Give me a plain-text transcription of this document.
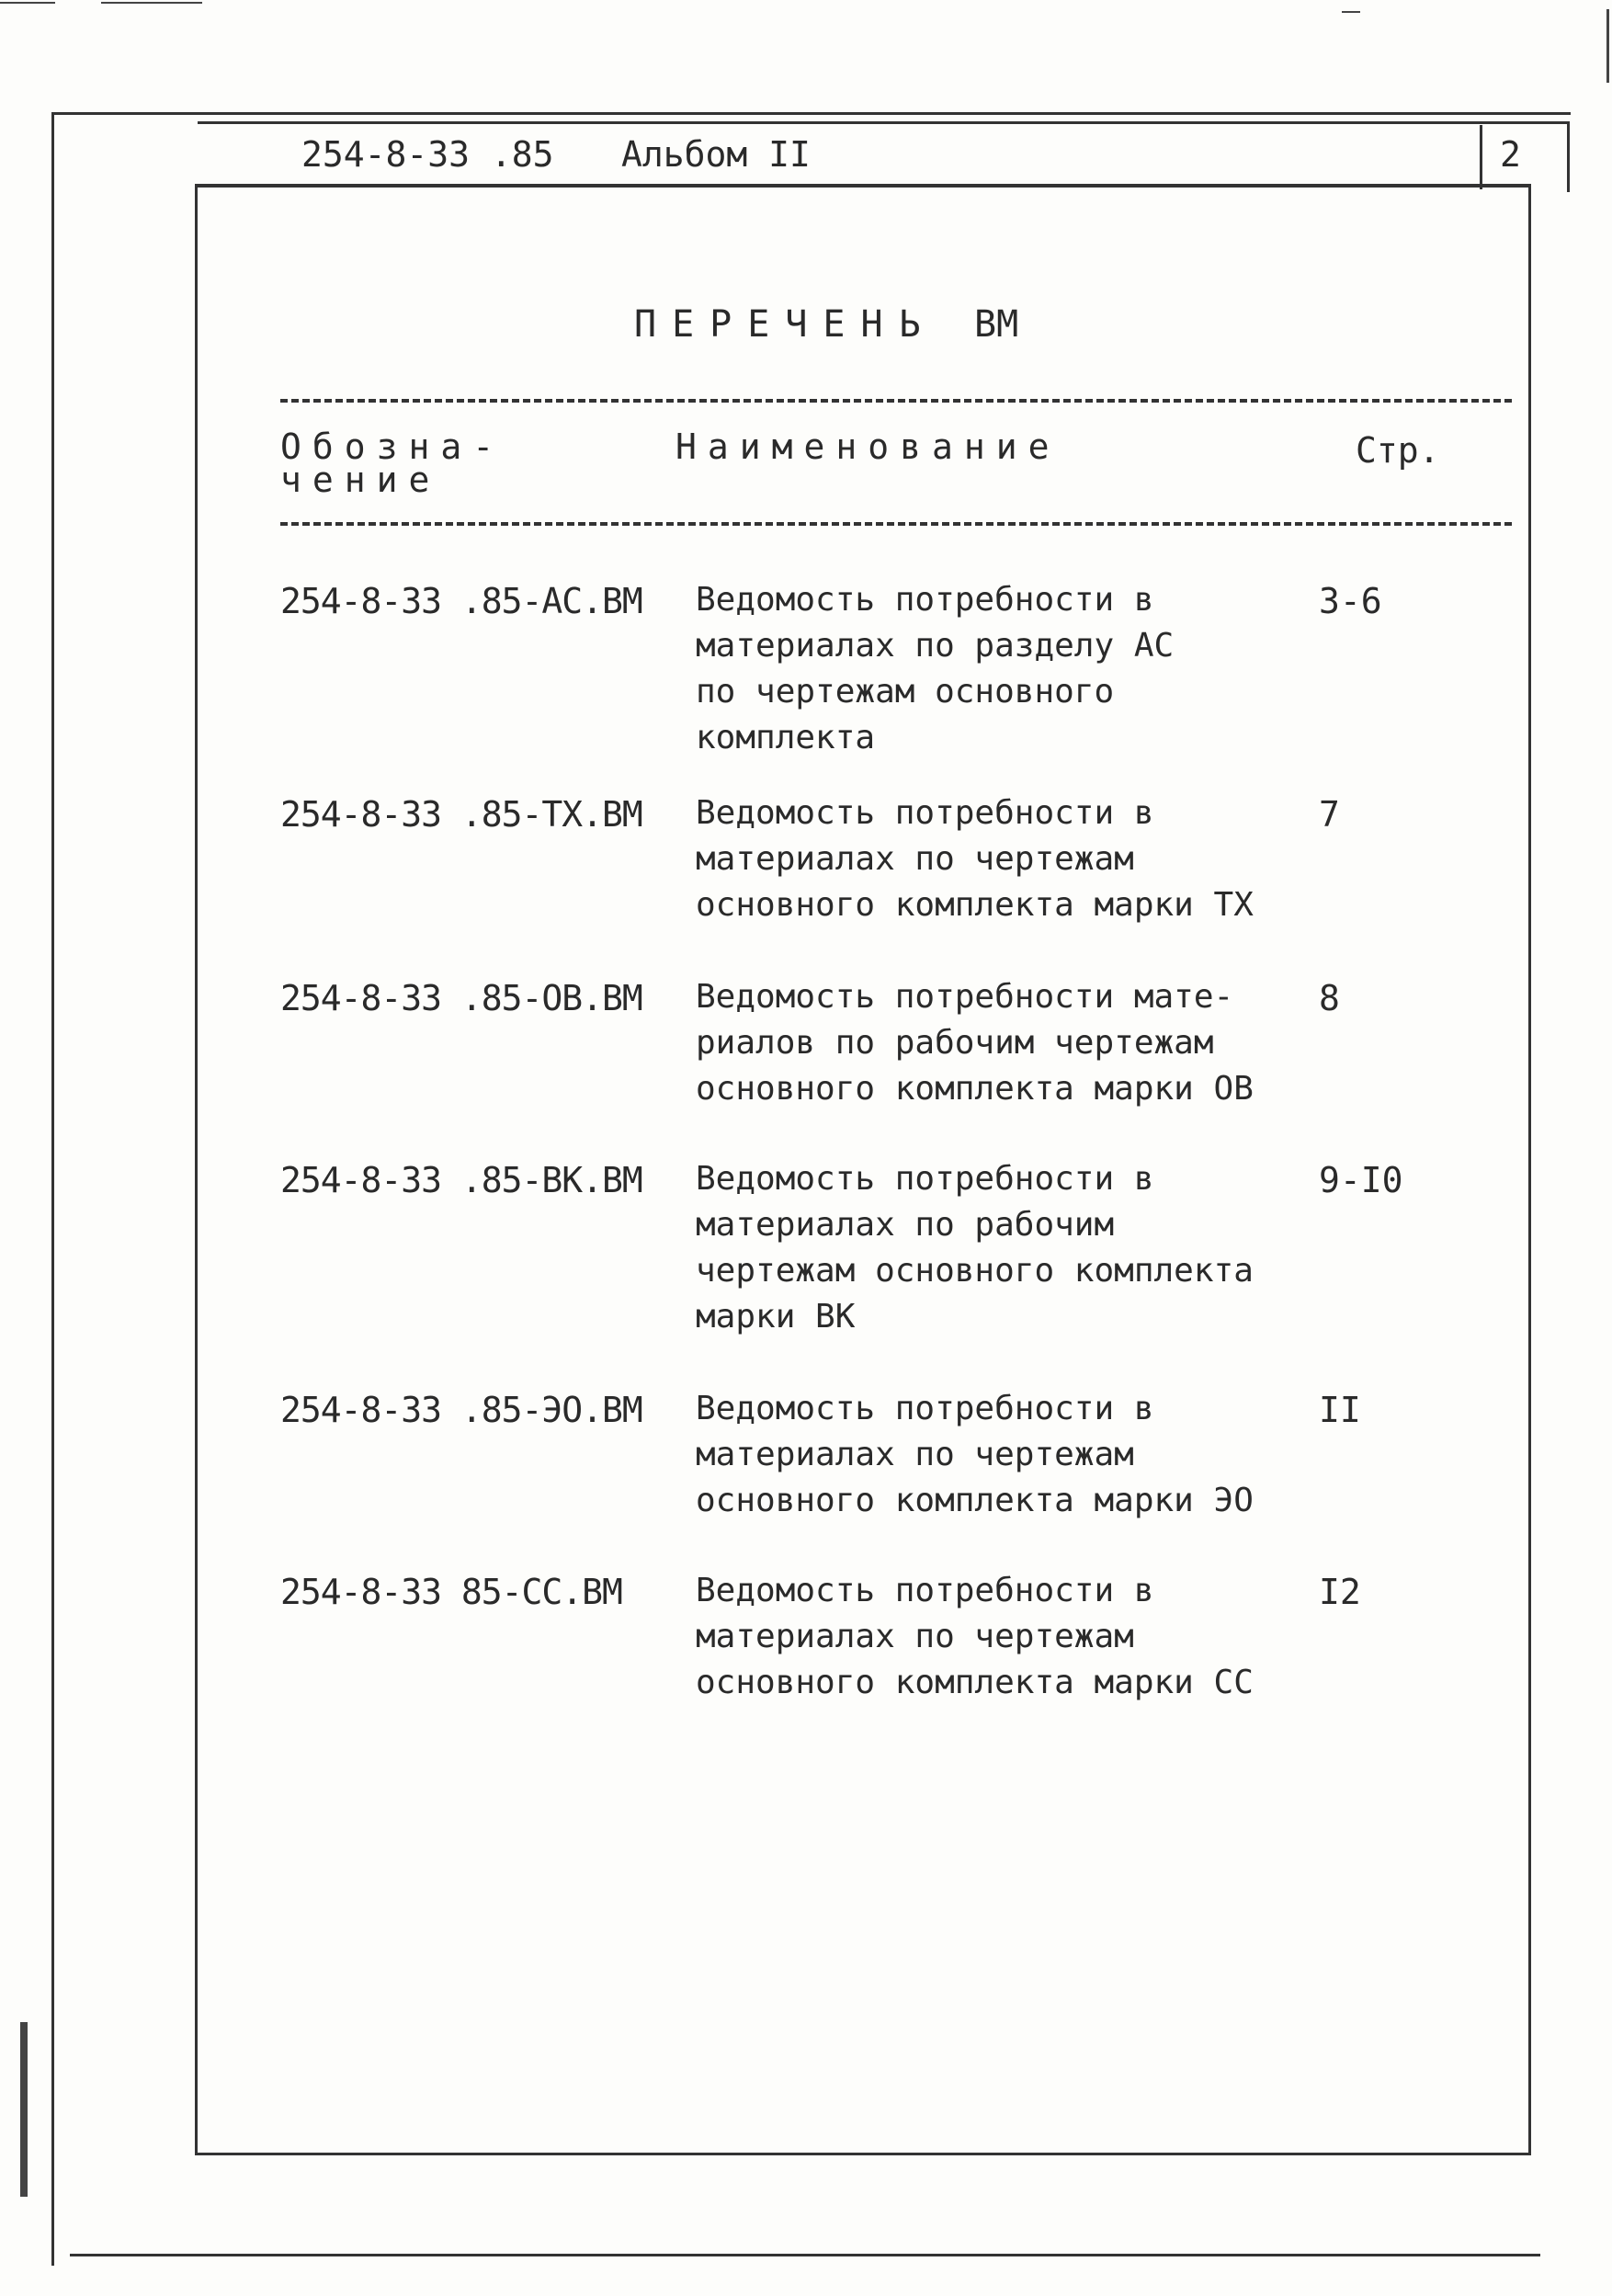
254-8-33 .85 Альбом II	2
ПЕРЕЧЕНЬ ВМ
Обозна-
чение
Наименование	Стр.
254-8-33 .85-АС.ВМ Ведомость потребности в
материалах по разделу АС
по чертежам основного
комплекта
3-6
254-8-33 .85-ТХ.ВМ Ведомость потребности в
материалах по чертежам
основного комплекта марки ТХ
7
254-8-33 .85-ОВ.ВМ Ведомость потребности мате-
риалов по рабочим чертежам
основного комплекта марки ОВ
8
254-8-33 .85-ВК.ВМ Ведомость потребности в
материалах по рабочим
чертежам основного комплекта
марки ВК
9-I0
254-8-33 .85-ЭО.ВМ Ведомость потребности в
материалах по чертежам
основного комплекта марки ЭО
II
254-8-33 85-СС.ВМ Ведомость потребности в
материалах по чертежам
основного комплекта марки СС
I2
